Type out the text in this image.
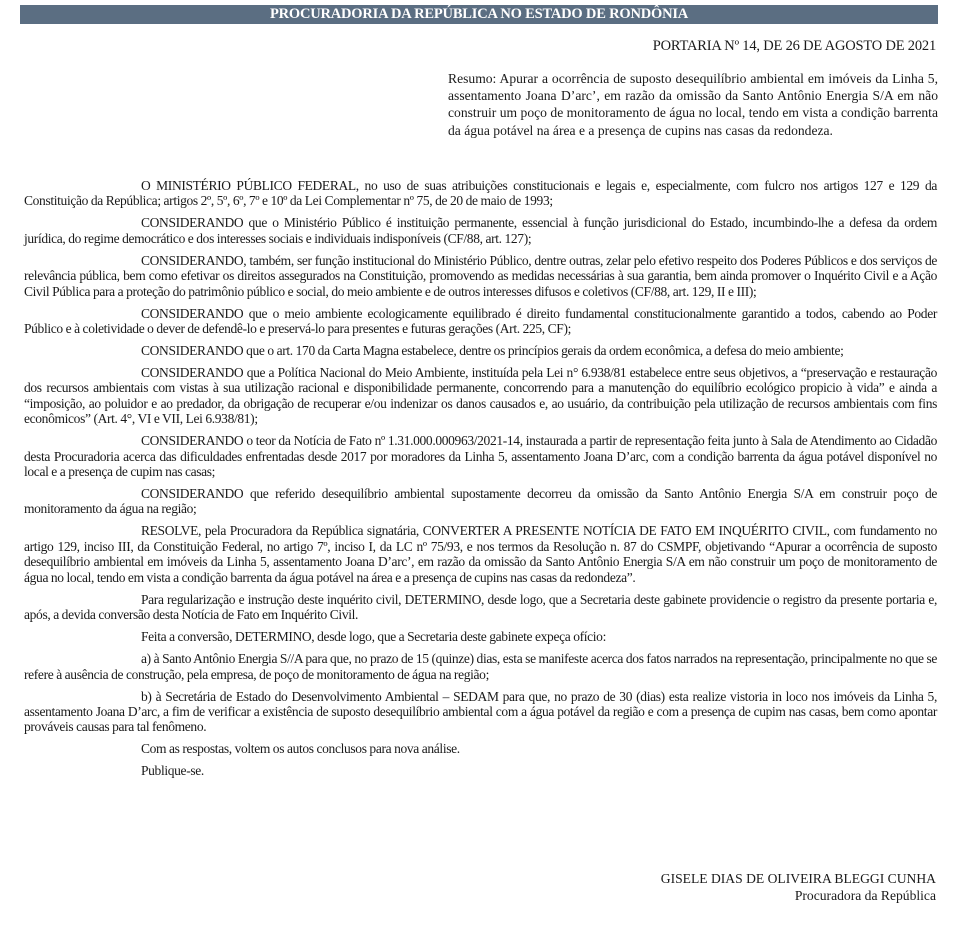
PROCURADORIA DA REPÚBLICA NO ESTADO DE RONDÔNIA
PORTARIA Nº 14, DE 26 DE AGOSTO DE 2021
Resumo: Apurar a ocorrência de suposto desequilíbrio ambiental em imóveis da Linha 5, assentamento Joana D’arc’, em razão da omissão da Santo Antônio Energia S/A em não construir um poço de monitoramento de água no local, tendo em vista a condição barrenta da água potável na área e a presença de cupins nas casas da redondeza.

O MINISTÉRIO PÚBLICO FEDERAL, no uso de suas atribuições constitucionais e legais e, especialmente, com fulcro nos artigos 127 e 129 da Constituição da República; artigos 2º, 5º, 6º, 7º e 10º da Lei Complementar nº 75, de 20 de maio de 1993;

CONSIDERANDO que o Ministério Público é instituição permanente, essencial à função jurisdicional do Estado, incumbindo-lhe a defesa da ordem jurídica, do regime democrático e dos interesses sociais e individuais indisponíveis (CF/88, art. 127);

CONSIDERANDO, também, ser função institucional do Ministério Público, dentre outras, zelar pelo efetivo respeito dos Poderes Públicos e dos serviços de relevância pública, bem como efetivar os direitos assegurados na Constituição, promovendo as medidas necessárias à sua garantia, bem ainda promover o Inquérito Civil e a Ação Civil Pública para a proteção do patrimônio público e social, do meio ambiente e de outros interesses difusos e coletivos (CF/88, art. 129, II e III);

CONSIDERANDO que o meio ambiente ecologicamente equilibrado é direito fundamental constitucionalmente garantido a todos, cabendo ao Poder Público e à coletividade o dever de defendê-lo e preservá-lo para presentes e futuras gerações (Art. 225, CF);

CONSIDERANDO que o art. 170 da Carta Magna estabelece, dentre os princípios gerais da ordem econômica, a defesa do meio ambiente;

CONSIDERANDO que a Política Nacional do Meio Ambiente, instituída pela Lei n° 6.938/81 estabelece entre seus objetivos, a “preservação e restauração dos recursos ambientais com vistas à sua utilização racional e disponibilidade permanente, concorrendo para a manutenção do equilíbrio ecológico propicio à vida” e ainda a “imposição, ao poluidor e ao predador, da obrigação de recuperar e/ou indenizar os danos causados e, ao usuário, da contribuição pela utilização de recursos ambientais com fins econômicos” (Art. 4°, VI e VII, Lei 6.938/81);

CONSIDERANDO o teor da Notícia de Fato nº 1.31.000.000963/2021-14, instaurada a partir de representação feita junto à Sala de Atendimento ao Cidadão desta Procuradoria acerca das dificuldades enfrentadas desde 2017 por moradores da Linha 5, assentamento Joana D’arc, com a condição barrenta da água potável disponível no local e a presença de cupim nas casas;

CONSIDERANDO que referido desequilíbrio ambiental supostamente decorreu da omissão da Santo Antônio Energia S/A em construir poço de monitoramento da água na região;

RESOLVE, pela Procuradora da República signatária, CONVERTER A PRESENTE NOTÍCIA DE FATO EM INQUÉRITO CIVIL, com fundamento no artigo 129, inciso III, da Constituição Federal, no artigo 7º, inciso I, da LC nº 75/93, e nos termos da Resolução n. 87 do CSMPF, objetivando “Apurar a ocorrência de suposto desequilíbrio ambiental em imóveis da Linha 5, assentamento Joana D’arc’, em razão da omissão da Santo Antônio Energia S/A em não construir um poço de monitoramento de água no local, tendo em vista a condição barrenta da água potável na área e a presença de cupins nas casas da redondeza”.

Para regularização e instrução deste inquérito civil, DETERMINO, desde logo, que a Secretaria deste gabinete providencie o registro da presente portaria e, após, a devida conversão desta Notícia de Fato em Inquérito Civil.

Feita a conversão, DETERMINO, desde logo, que a Secretaria deste gabinete expeça ofício:

a) à Santo Antônio Energia S//A para que, no prazo de 15 (quinze) dias, esta se manifeste acerca dos fatos narrados na representação, principalmente no que se refere à ausência de construção, pela empresa, de poço de monitoramento de água na região;

b) à Secretária de Estado do Desenvolvimento Ambiental – SEDAM para que, no prazo de 30 (dias) esta realize vistoria in loco nos imóveis da Linha 5, assentamento Joana D’arc, a fim de verificar a existência de suposto desequilíbrio ambiental com a água potável da região e com a presença de cupim nas casas, bem como apontar prováveis causas para tal fenômeno.

Com as respostas, voltem os autos conclusos para nova análise.

Publique-se.

GISELE DIAS DE OLIVEIRA BLEGGI CUNHA
Procuradora da República
